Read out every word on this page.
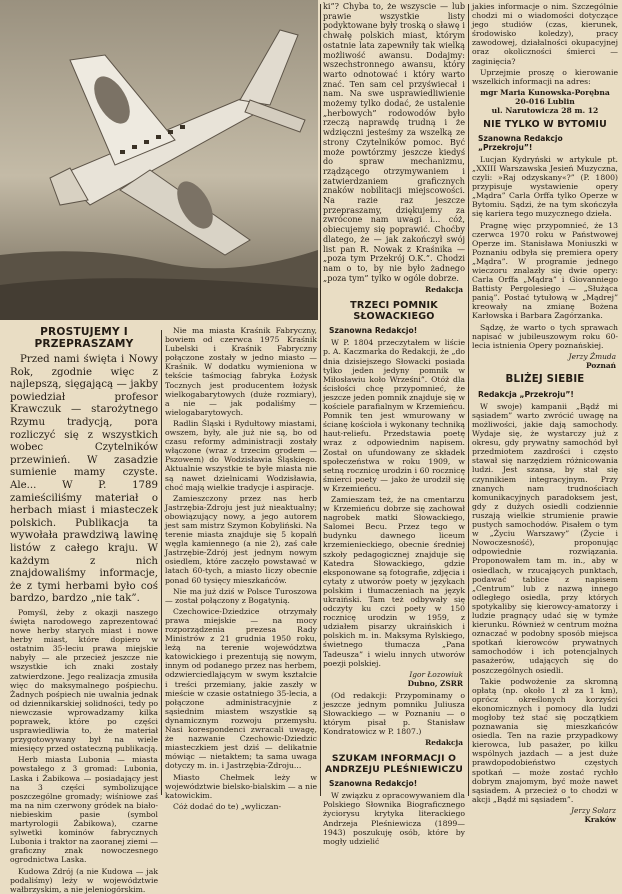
PROSTUJEMY I PRZEPRASZAMY

Przed nami święta i Nowy Rok, zgodnie więc z najlepszą, sięgającą — jakby powiedział profesor Krawczuk — starożytnego Rzymu tradycją, pora rozliczyć się z wszystkich wobec Czytelników przewinień. W zasadzie sumienie mamy czyste. Ale... W P. 1789 zamieściliśmy materiał o herbach miast i miasteczek polskich. Publikacja ta wywołała prawdziwą lawinę listów z całego kraju. W każdym z nich znajdowaliśmy informacje, że z tymi herbami było coś bardzo, bardzo „nie tak”.

Pomyśl, żeby z okazji naszego święta narodowego zaprezentować nowe herby starych miast i nowe herby miast, które dopiero w ostatnim 35-leciu prawa miejskie nabyły — ale przecież jeszcze nie wszystkie ich znaki zostały zatwierdzone. Jego realizacja zmusiła więc do maksymalnego pośpiechu. Żadnych pośpiech nie uwalnia jednak od dziennikarskiej solidności, tedy po niewczasie wprowadzamy kilka poprawek, które po części usprawiedliwia to, że materiał przygotowywany był na wiele miesięcy przed ostateczną publikacją.

Herb miasta Lubonia — miasta powstałego z 3 gromad: Lubonia, Laska i Żabikowa — posiadający jest na 3 części symbolizujące poszczególne gromady; wiśniowe zaś ma na nim czerwony gródek na biało-niebieskim pasie (symbol martyrologii Żabikowa), czarne sylwetki kominów fabrycznych Lubonia i traktor na zaoranej ziemi — graficzny znak nowoczesnego ogrodnictwa Laska.

Kudowa Zdrój (a nie Kudowa — jak podaliśmy) leży w województwie wałbrzyskim, a nie jeleniogórskim.

Nie ma miasta Kraśnik Fabryczny, bowiem od czerwca 1975 Kraśnik Lubelski i Kraśnik Fabryczny połączone zostały w jedno miasto — Kraśnik. W dodatku wymieniona w tekście taśmociąg fabryka Łożysk Tocznych jest producentem łożysk wielkogabarytowych (duże rozmiary), a nie — jak podaliśmy — wielogabarytowych.

Radlin Śląski i Rydułtowy miastami, owszem, były, ale już nie są, bo od czasu reformy administracji zostały włączone (wraz z trzecim grodem — Pszowem) do Wodzisławia Śląskiego. Aktualnie wszystkie te byłe miasta nie są nawet dzielnicami Wodzisławia, choć mają wielkie tradycje i aspiracje.

Zamieszczony przez nas herb Jastrzębia-Zdroju jest już nieaktualny; obowiązujący nowy, a jego autorem jest sam mistrz Szymon Kobyliński. Na terenie miasta znajduje się 5 kopalń węgla kamiennego (a nie 2), zaś całe Jastrzębie-Zdrój jest jednym nowym osiedlem, które zaczęło powstawać w latach 60-tych, a miasto liczy obecnie ponad 60 tysięcy mieszkańców.

Nie ma już dziś w Polsce Turoszowa — został połączony z Bogatynią.

Czechowice-Dziedzice otrzymały prawa miejskie — na mocy rozporządzenia prezesa Rady Ministrów z 21 grudnia 1950 roku, leżą na terenie województwa katowickiego i prezentują się nowym, innym od podanego przez nas herbem, odzwierciedlającym w swym kształcie i treści przemiany, jakie zaszły w mieście w czasie ostatniego 35-lecia, a połączone administracyjnie z sąsiednim miastem wszystkie są dynamicznym rozwoju przemysłu. Nasi korespondenci zwracali uwagę, że nazwanie Czechowic-Dziedzic miasteczkiem jest dziś — delikatnie mówiąc — nietaktem; ta sama uwaga dotyczy m. in. i Jastrzębia-Zdroju...

Miasto Chełmek leży w województwie bielsko-bialskim — a nie katowickim.

Cóż dodać do te) „wyliczan-

ki”? Chyba to, że wszyscie — lub prawie wszystkie listy podyktowane były troską o sławę i chwałę polskich miast, którym ostatnie lata zapewniły tak wielką możliwość awansu. Dodajmy: wszechstronnego awansu, który warto odnotować i który warto znać. Ten sam cel przyświecał i nam. Na swe usprawiedliwienie możemy tylko dodać, że ustalenie „herbowych” rodowodów było rzeczą naprawdę trudną i że wdzięczni jesteśmy za wszelką ze strony Czytelników pomoc. Być może powtórzmy jeszcze kiedyś do spraw mechanizmu, rządzącego otrzymywaniem i zatwierdzaniem graficznych znaków nobilitacji miejscowości. Na razie raz jeszcze przepraszamy, dziękujemy za zwrócone nam uwagi i... cóż, obiecujemy się poprawić. Choćby dlatego, że — jak zakończył swój list pan R. Nowak z Kraśnika — „poza tym Przekrój O.K.”. Chodzi nam o to, by nie było żadnego „poza tym” tylko w ogóle dobrze.

Redakcja

TRZECI POMNIK SŁOWACKIEGO
Szanowna Redakcjo!

W P. 1804 przeczytałem w liście p. A. Kaczmarka do Redakcji, że „do dnia dzisiejszego Słowacki posiada tylko jeden jedyny pomnik w Miłosławiu koło Wrześni”. Otóż dla ścisłości chcę przypomnieć, że jeszcze jeden pomnik znajduje się w kościele parafialnym w Krzemieńcu. Pomnik ten jest wmurowany w ścianę kościoła i wykonany techniką haut-reliefu. Przedstawia poetę wraz z odpowiednim napisem. Został on ufundowany ze składek społeczeństwa w roku 1909, w setną rocznicę urodzin i 60 rocznicę śmierci poety — jako że urodził się w Krzemieńcu.

Zamieszam też, że na cmentarzu w Krzemieńcu dobrze się zachował nagrobek matki Słowackiego, Salomei Becu. Przez tego w budynku dawnego liceum krzemienieckiego, obecnie średniej szkoły pedagogicznej znajduje się Katedra Słowackiego, gdzie eksponowane są fotografie, zdjęcia i cytaty z utworów poety w językach polskim i tłumaczeniach na język ukraiński. Tam też odbywały się odczyty ku czci poety w 150 rocznicę urodzin w 1959, z udziałem pisarzy ukraińskich i polskich m. in. Maksyma Rylskiego, świetnego tłumacza „Pana Tadeusza” i wielu innych utworów poezji polskiej.

Igor Łozowiuk

Dubno, ZSRR

(Od redakcji: Przypominamy o jeszcze jednym pomniku Juliusza Słowackiego — w Poznaniu — o którym pisał p. Stanisław Kondratowicz w P. 1807.)

Redakcja

SZUKAM INFORMACJI O ANDRZEJU PLEŚNIEWICZU
Szanowna Redakcjo!

W związku z opracowywaniem dla Polskiego Słownika Biograficznego życiorysu krytyka literackiego Andrzeja Pleśniewicza (1899—1943) poszukuję osób, które by mogły udzielić

jakies informacje o nim. Szczególnie chodzi mi o wiadomości dotyczące jego studiów (czas, kierunek, środowisko koledzy), pracy zawodowej, działalności okupacyjnej oraz okoliczności śmierci — zaginięcia?

Uprzejmie proszę o kierowanie wszelkich informacji na adres:

mgr Maria Kunowska-Porębna

20-016 Lublin

ul. Narutowicza 28 m. 12

NIE TYLKO W BYTOMIU
Szanowna Redakcjo „Przekroju”!

Lucjan Kydryński w artykule pt. „XXIII Warszawska Jesień Muzyczna, czyli: »Raj odzyskany«?” (P. 1800) przypisuje wystawienie opery „Mądra” Carla Orffa tylko Operze w Bytomiu. Sądzi, że na tym skończyła się kariera tego muzycznego dzieła.

Pragnę więc przypomnieć, że 13 czerwca 1970 roku w Państwowej Operze im. Stanisława Moniuszki w Poznaniu odbyła się premiera opery „Mądra”. W programie jednego wieczoru znalazły się dwie opery: Carla Orffa „Mądra” i Giovanniego Battisty Pergolesiego — „Służąca panią”. Postać tytułową w „Mądrej” kreowały na zmianę Bożena Karłowska i Barbara Zagórzanka.

Sądzę, że warto o tych sprawach napisać w jubileuszowym roku 60-lecia istnienia Opery poznańskiej.

Jerzy Żmuda

Poznań

BLIŻEJ SIEBIE
Redakcja „Przekroju”!

W swoje) kampanii „Bądź mi sąsiadem” warto zwrócić uwagę na możliwości, jakie dają samochody. Wydaje się, że wystarczy już z okresu, gdy prywatny samochód był przedmiotem zazdrości i często stawał się narzędziem różnicowania ludzi. Jest szansa, by stał się czynnikiem integracyjnym. Przy znanych nam trudnościach komunikacyjnych paradoksem jest, gdy z dużych osiedli codziennie ruszają wielkie strumienie prawie pustych samochodów. Pisałem o tym w „Życiu Warszawy” (Życie i Nowoczesność), proponując odpowiednie rozwiązania. Proponowałem tam m. in., aby w osiedlach, w rzucających punktach, podawać tablice z napisem „Centrum” lub z nazwą innego odległego osiedla, przy których spotykaliby się kierowcy-amatorzy i ludzie pragnący udać się w tymże kierunku. Również w centrum można oznaczać w podobny sposób miejsca spotkań kierowców prywatnych samochodów i ich potencjalnych pasażerów, udających się do poszczególnych osiedli.

Takie podwożenie za skromną opłatą (np. około 1 zł za 1 km), oprócz określonych korzyści ekonomicznych i pomocy dla ludzi mogłoby też stać się początkiem poznawania się mieszkańców osiedla. Ten na razie przypadkowy kierowca, lub pasażer, po kilku wspólnych jazdach — a jest duże prawdopodobieństwo częstych spotkań — może zostać rychło dobrym znajomym, być może nawet sąsiadem. A przecież o to chodzi w akcji „Bądź mi sąsiadem”.

Jerzy Solarz

Kraków
